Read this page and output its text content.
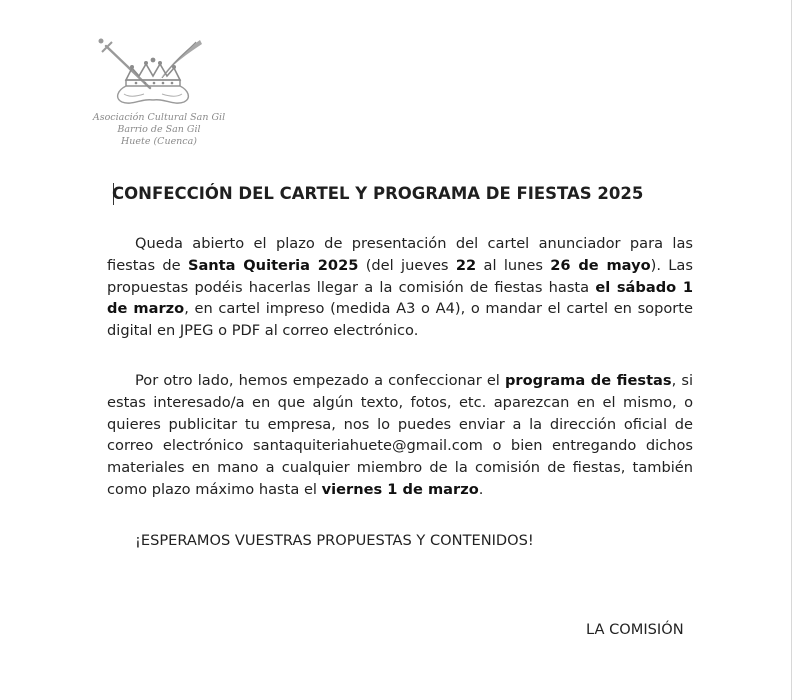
Asociación Cultural San Gil
Barrio de San Gil
Huete (Cuenca)
CONFECCIÓN DEL CARTEL Y PROGRAMA DE FIESTAS 2025
Queda abierto el plazo de presentación del cartel anunciador para las fiestas de Santa Quiteria 2025 (del jueves 22 al lunes 26 de mayo). Las propuestas podéis hacerlas llegar a la comisión de fiestas hasta el sábado 1 de marzo, en cartel impreso (medida A3 o A4), o mandar el cartel en soporte digital en JPEG o PDF al correo electrónico.
Por otro lado, hemos empezado a confeccionar el programa de fiestas, si estas interesado/a en que algún texto, fotos, etc. aparezcan en el mismo, o quieres publicitar tu empresa, nos lo puedes enviar a la dirección oficial de correo electrónico santaquiteriahuete@gmail.com o bien entregando dichos materiales en mano a cualquier miembro de la comisión de fiestas, también como plazo máximo hasta el viernes 1 de marzo.
¡ESPERAMOS VUESTRAS PROPUESTAS Y CONTENIDOS!
LA COMISIÓN
